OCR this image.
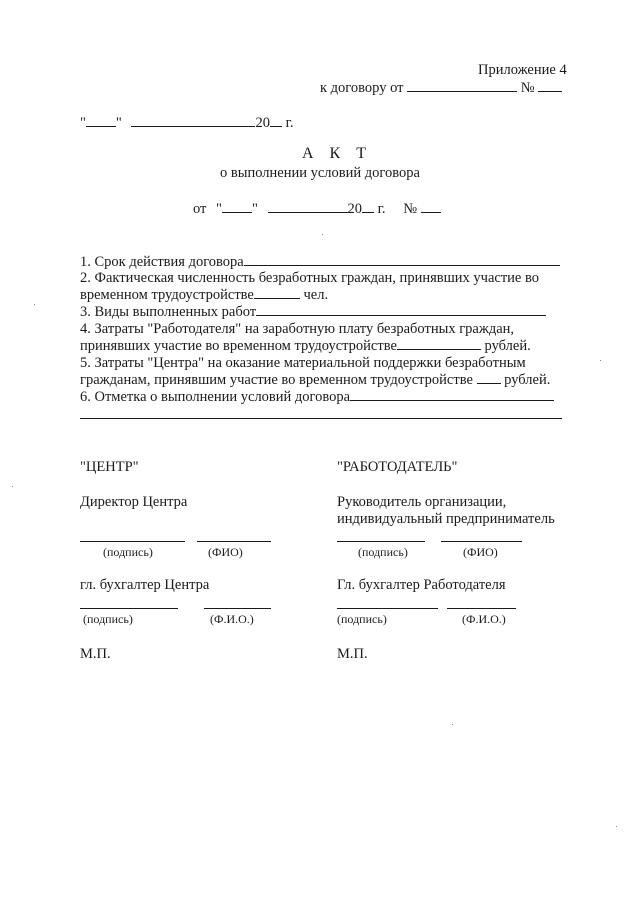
Приложение 4
к договору от	№
" "	20 г.
А К Т
о выполнении условий договора
от " "	20 г. №
1. Срок действия договора
2. Фактическая численность безработных граждан, принявших участие во
временном трудоустройстве	чел.
3. Виды выполненных работ
4. Затраты "Работодателя" на заработную плату безработных граждан,
принявших участие во временном трудоустройстве	рублей.
5. Затраты "Центра" на оказание материальной поддержки безработным
гражданам, принявшим участие во временном трудоустройстве рублей.
6. Отметка о выполнении условий договора
"ЦЕНТР"
Директор Центра
(подпись)	(ФИО)
гл. бухгалтер Центра
(подпись)	(Ф.И.О.)
М.П.
"РАБОТОДАТЕЛЬ"
Руководитель организации,
индивидуальный предприниматель
(подпись)	(ФИО)
Гл. бухгалтер Работодателя
(подпись)	(Ф.И.О.)
М.П.
